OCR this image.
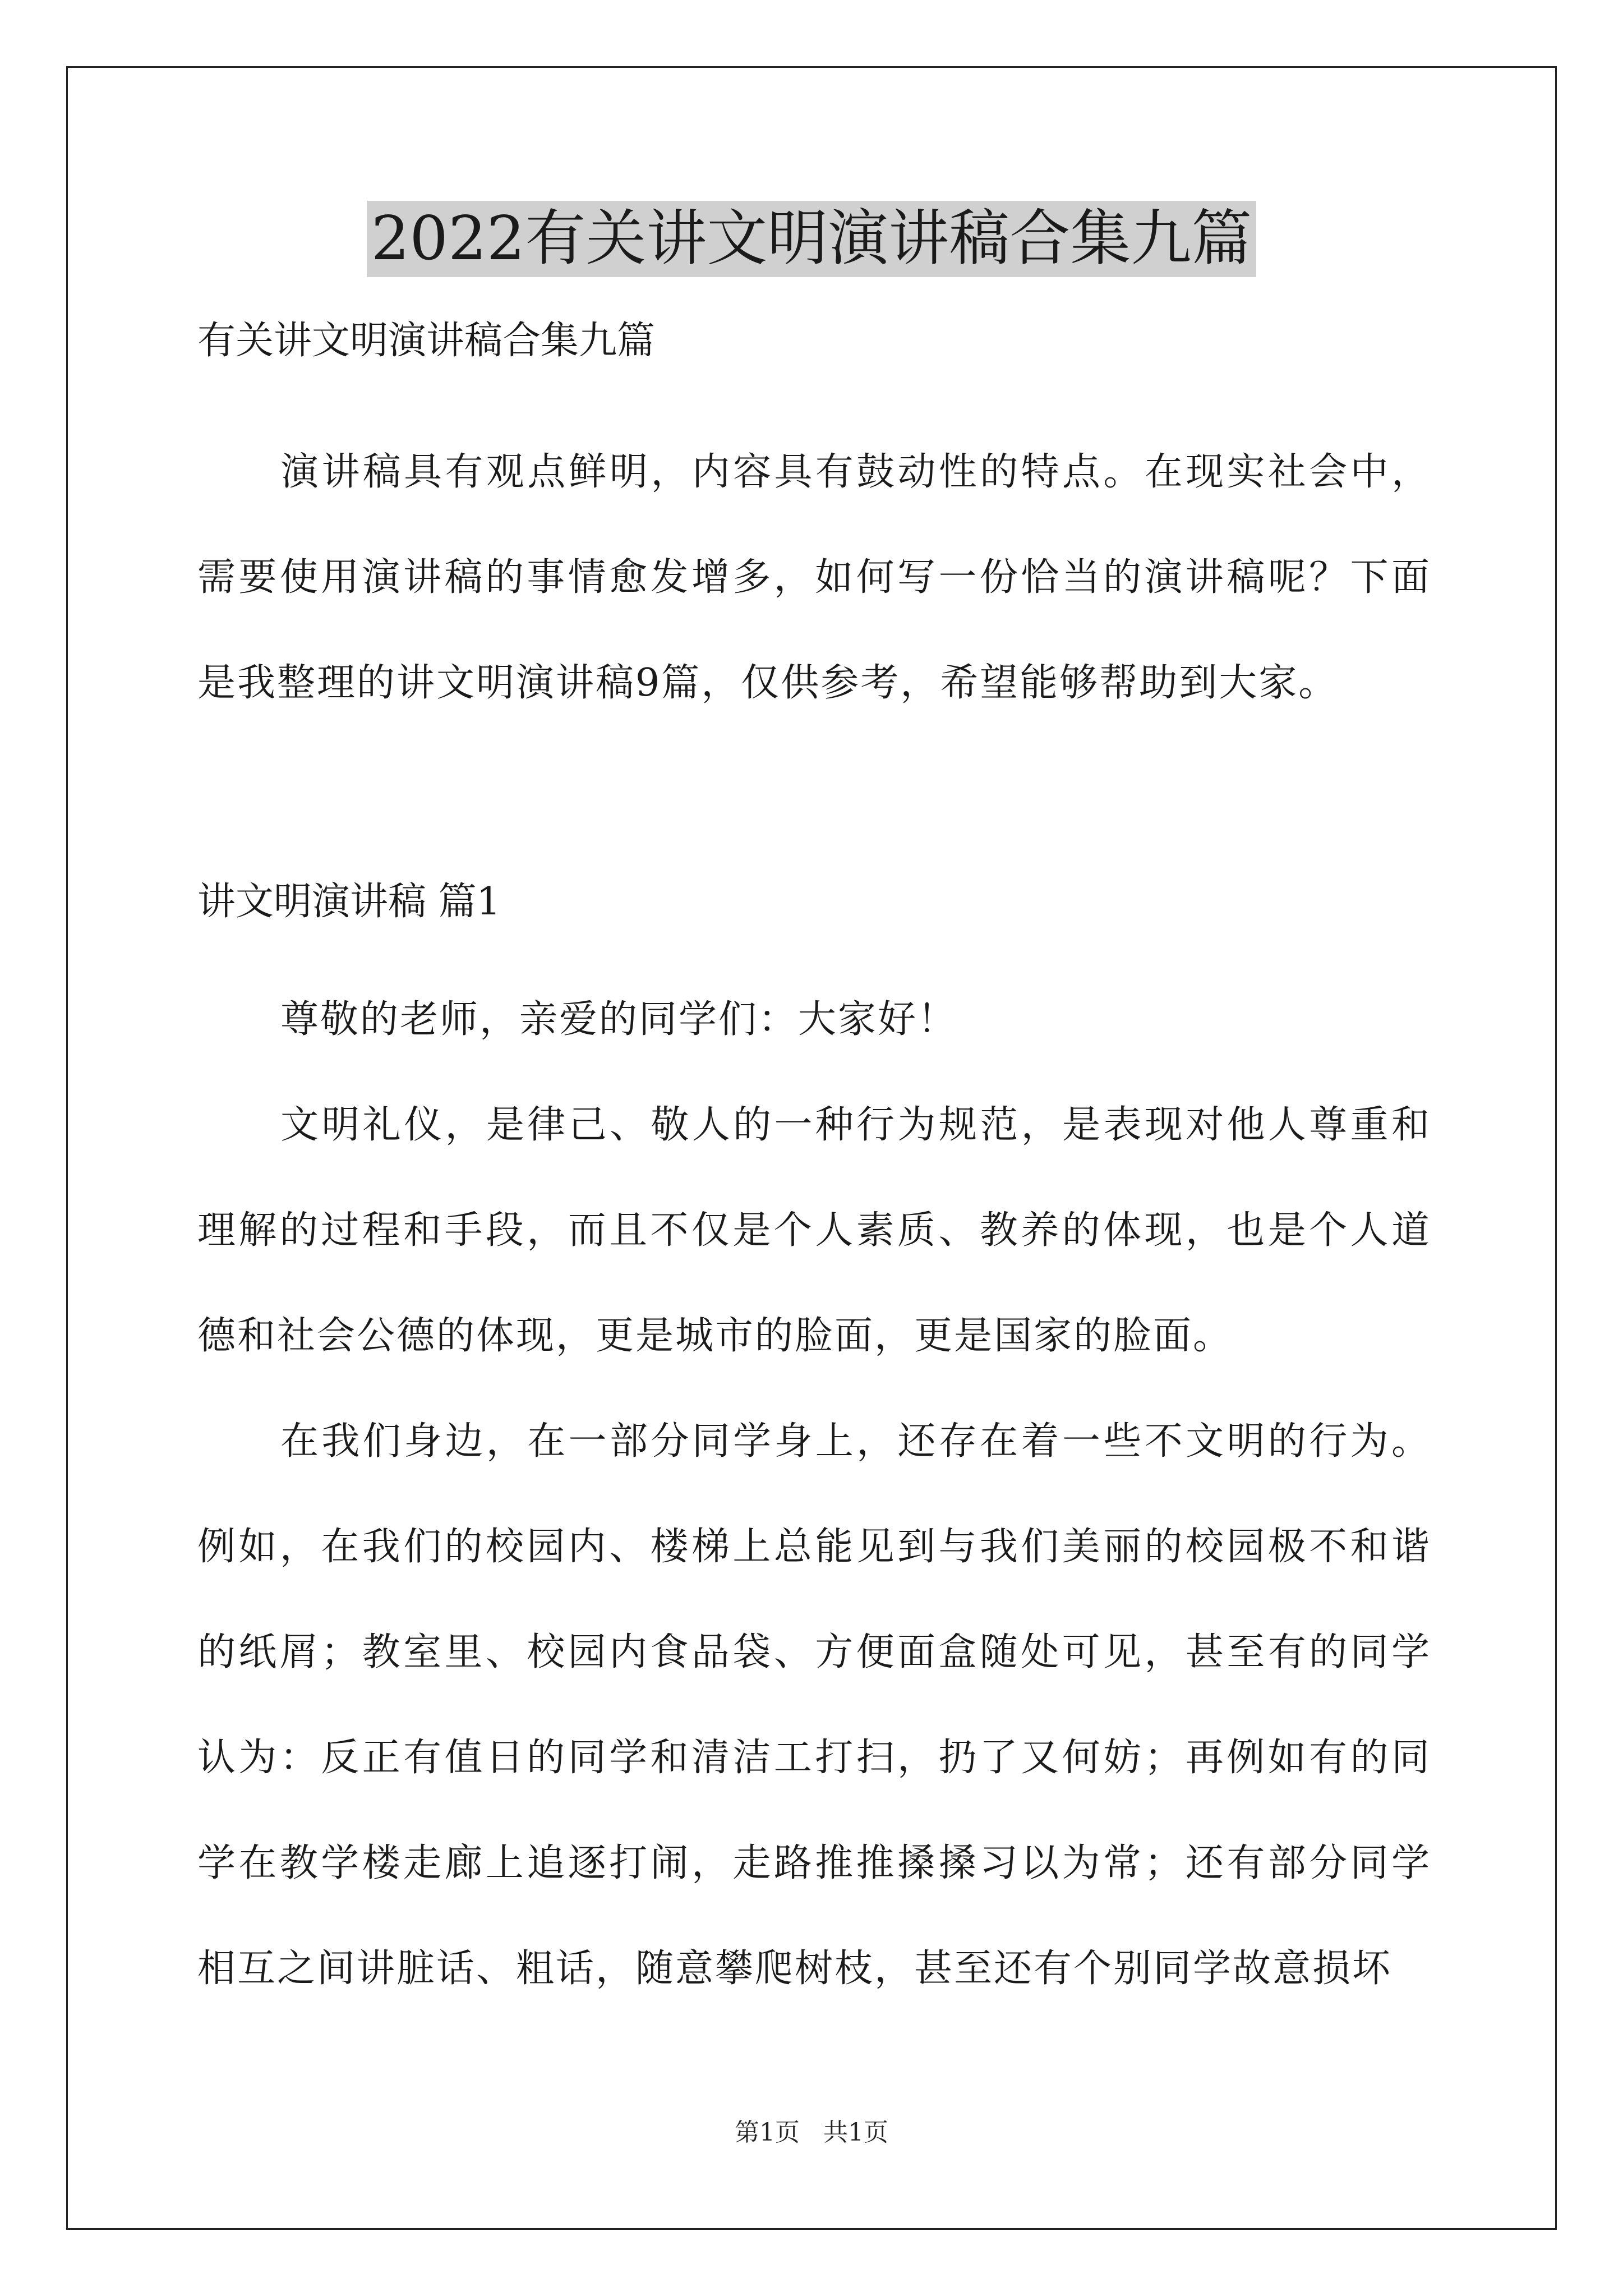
2022有关讲文明演讲稿合集九篇

有关讲文明演讲稿合集九篇

演讲稿具有观点鲜明，内容具有鼓动性的特点。在现实社会中，需要使用演讲稿的事情愈发增多，如何写一份恰当的演讲稿呢？下面是我整理的讲文明演讲稿9篇，仅供参考，希望能够帮助到大家。

讲文明演讲稿 篇1

尊敬的老师，亲爱的同学们：大家好！

文明礼仪，是律己、敬人的一种行为规范，是表现对他人尊重和理解的过程和手段，而且不仅是个人素质、教养的体现，也是个人道德和社会公德的体现，更是城市的脸面，更是国家的脸面。

在我们身边，在一部分同学身上，还存在着一些不文明的行为。例如，在我们的校园内、楼梯上总能见到与我们美丽的校园极不和谐的纸屑；教室里、校园内食品袋、方便面盒随处可见，甚至有的同学认为：反正有值日的同学和清洁工打扫，扔了又何妨；再例如有的同学在教学楼走廊上追逐打闹，走路推推搡搡习以为常；还有部分同学相互之间讲脏话、粗话，随意攀爬树枝，甚至还有个别同学故意损坏

第1页   共1页
